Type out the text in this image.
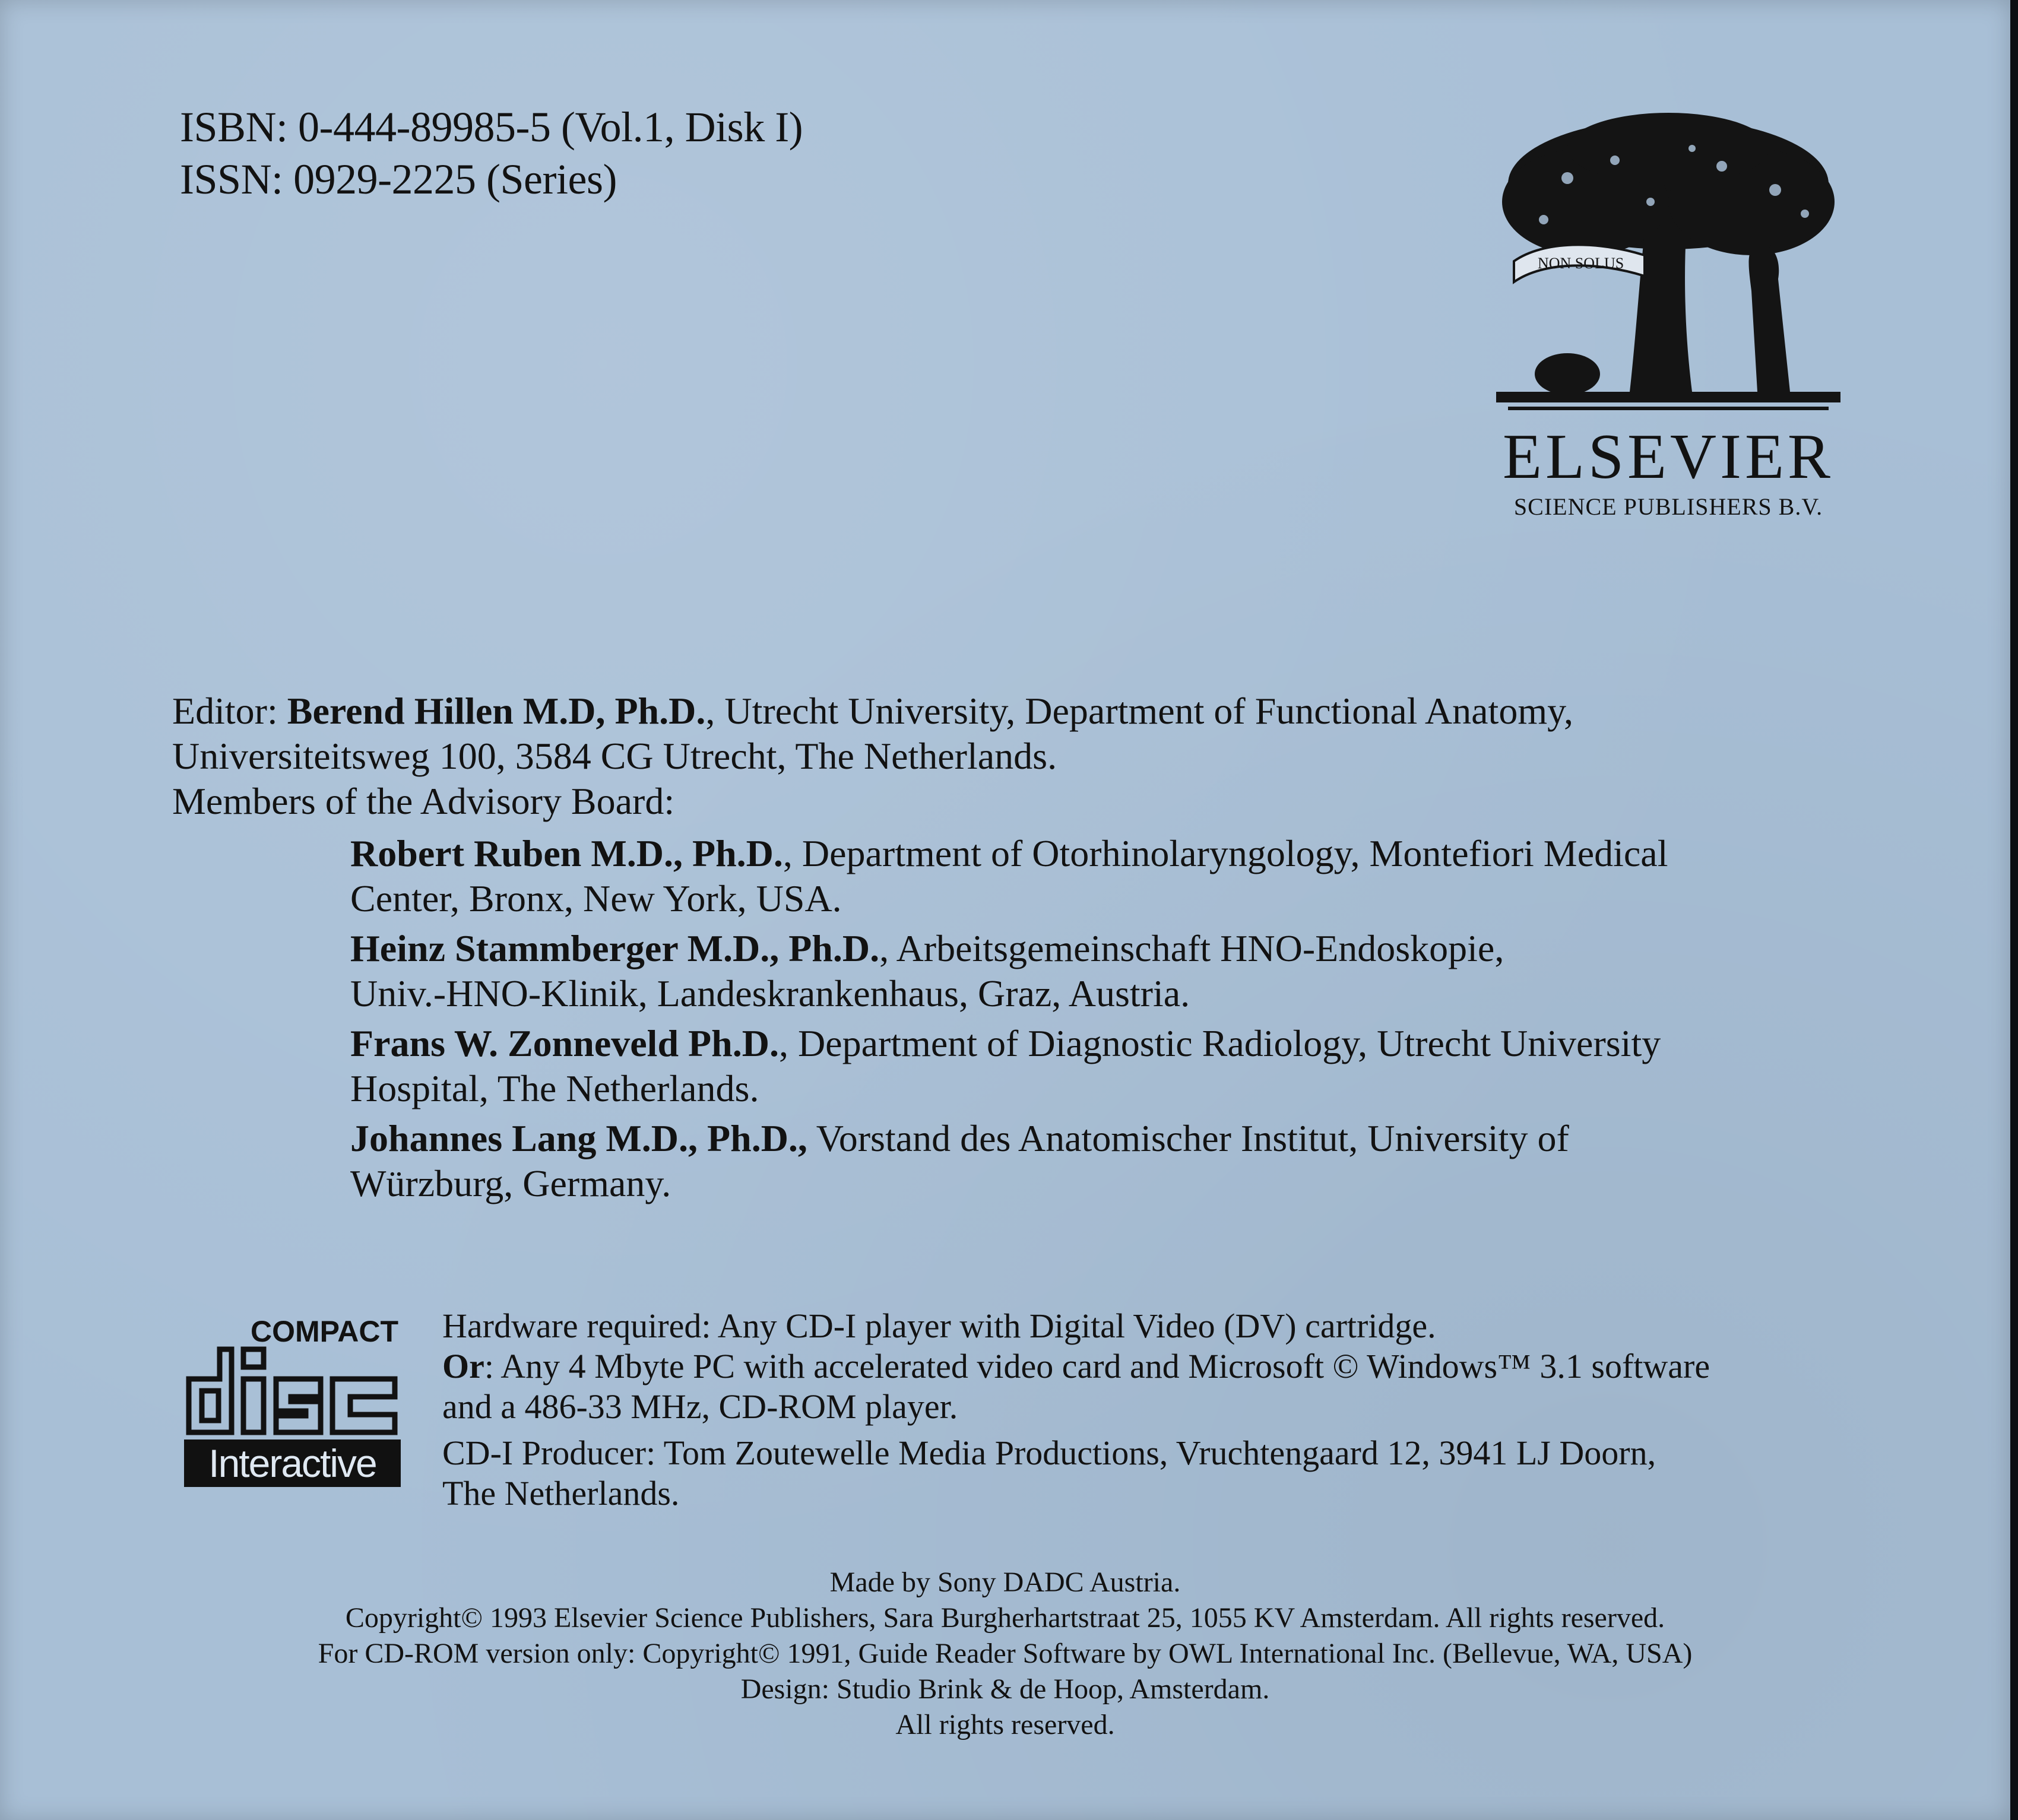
ISBN: 0-444-89985-5 (Vol.1, Disk I)
ISSN: 0929-2225 (Series)
NON SOLUS
ELSEVIER
SCIENCE PUBLISHERS B.V.
Editor: Berend Hillen M.D, Ph.D., Utrecht University, Department of Functional Anatomy,
Universiteitsweg 100, 3584 CG Utrecht, The Netherlands.
Members of the Advisory Board:
Robert Ruben M.D., Ph.D., Department of Otorhinolaryngology, Montefiori Medical
Center, Bronx, New York, USA.
Heinz Stammberger M.D., Ph.D., Arbeitsgemeinschaft HNO-Endoskopie,
Univ.-HNO-Klinik, Landeskrankenhaus, Graz, Austria.
Frans W. Zonneveld Ph.D., Department of Diagnostic Radiology, Utrecht University
Hospital, The Netherlands.
Johannes Lang M.D., Ph.D., Vorstand des Anatomischer Institut, University of
Würzburg, Germany.
COMPACT
disc
Interactive
Hardware required: Any CD-I player with Digital Video (DV) cartridge.
Or: Any 4 Mbyte PC with accelerated video card and Microsoft © Windows™ 3.1 software
and a 486-33 MHz, CD-ROM player.
CD-I Producer: Tom Zoutewelle Media Productions, Vruchtengaard 12, 3941 LJ Doorn,
The Netherlands.
Made by Sony DADC Austria.
Copyright© 1993 Elsevier Science Publishers, Sara Burgherhartstraat 25, 1055 KV Amsterdam. All rights reserved.
For CD-ROM version only: Copyright© 1991, Guide Reader Software by OWL International Inc. (Bellevue, WA, USA)
Design: Studio Brink & de Hoop, Amsterdam.
All rights reserved.
